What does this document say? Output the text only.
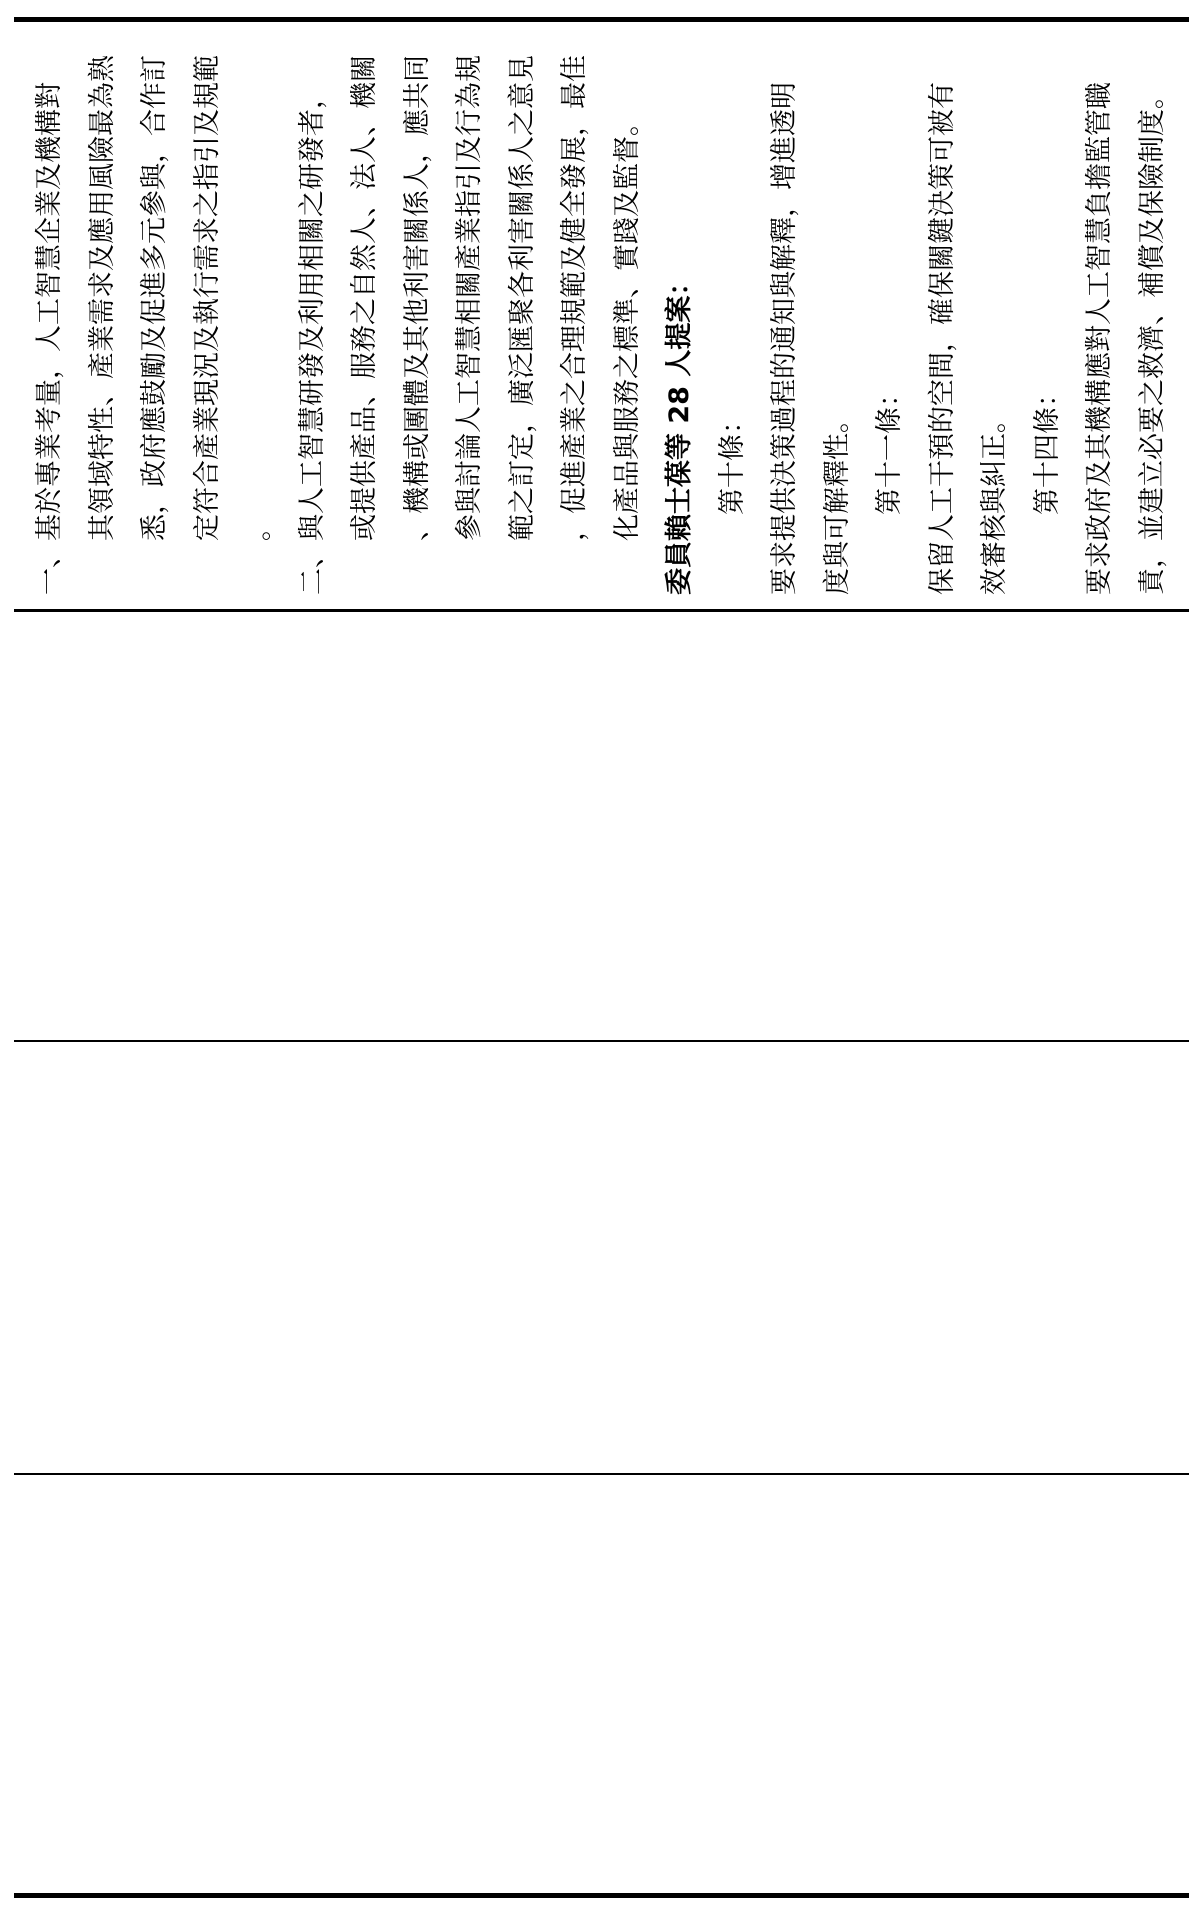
一、基於專業考量，人工智慧企業及機構對 其領域特性、產業需求及應用風險最為熟 悉，政府應鼓勵及促進多元參與，合作訂 定符合產業現況及執行需求之指引及規範 。 二、與人工智慧研發及利用相關之研發者， 或提供產品、服務之自然人、法人、機關 、機構或團體及其他利害關係人，應共同 參與討論人工智慧相關產業指引及行為規 範之訂定，廣泛匯聚各利害關係人之意見 ，促進產業之合理規範及健全發展，最佳 化產品與服務之標準、實踐及監督。 委員賴士葆等 28 人提案： 第十條： 要求提供決策過程的通知與解釋，增進透明 度與可解釋性。 第十一條： 保留人工干預的空間，確保關鍵決策可被有 效審核與糾正。 第十四條： 要求政府及其機構應對人工智慧負擔監管職 責，並建立必要之救濟、補償及保險制度。
